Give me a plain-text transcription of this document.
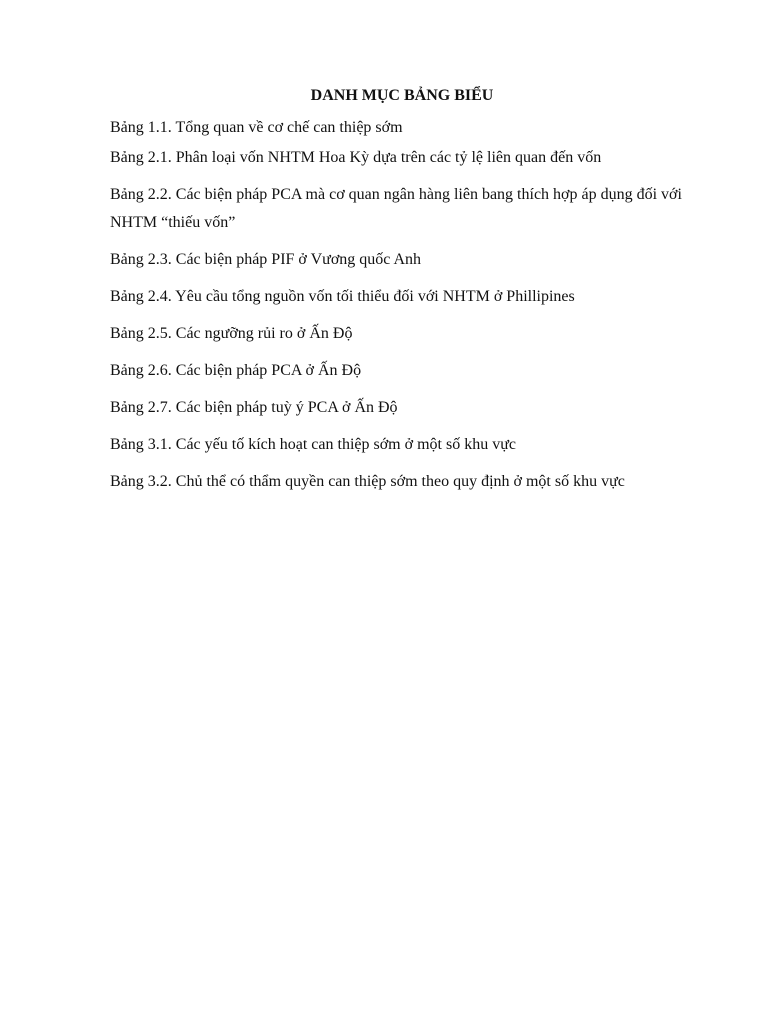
DANH MỤC BẢNG BIỂU
Bảng 1.1. Tổng quan về cơ chế can thiệp sớm
Bảng 2.1. Phân loại vốn NHTM Hoa Kỳ dựa trên các tỷ lệ liên quan đến vốn
Bảng 2.2. Các biện pháp PCA mà cơ quan ngân hàng liên bang thích hợp áp dụng đối với NHTM “thiếu vốn”
Bảng 2.3. Các biện pháp PIF ở Vương quốc Anh
Bảng 2.4. Yêu cầu tổng nguồn vốn tối thiểu đối với NHTM ở Phillipines
Bảng 2.5. Các ngưỡng rủi ro ở Ấn Độ
Bảng 2.6. Các biện pháp PCA ở Ấn Độ
Bảng 2.7. Các biện pháp tuỳ ý PCA ở Ấn Độ
Bảng 3.1. Các yếu tố kích hoạt can thiệp sớm ở một số khu vực
Bảng 3.2. Chủ thể có thẩm quyền can thiệp sớm theo quy định ở một số khu vực
